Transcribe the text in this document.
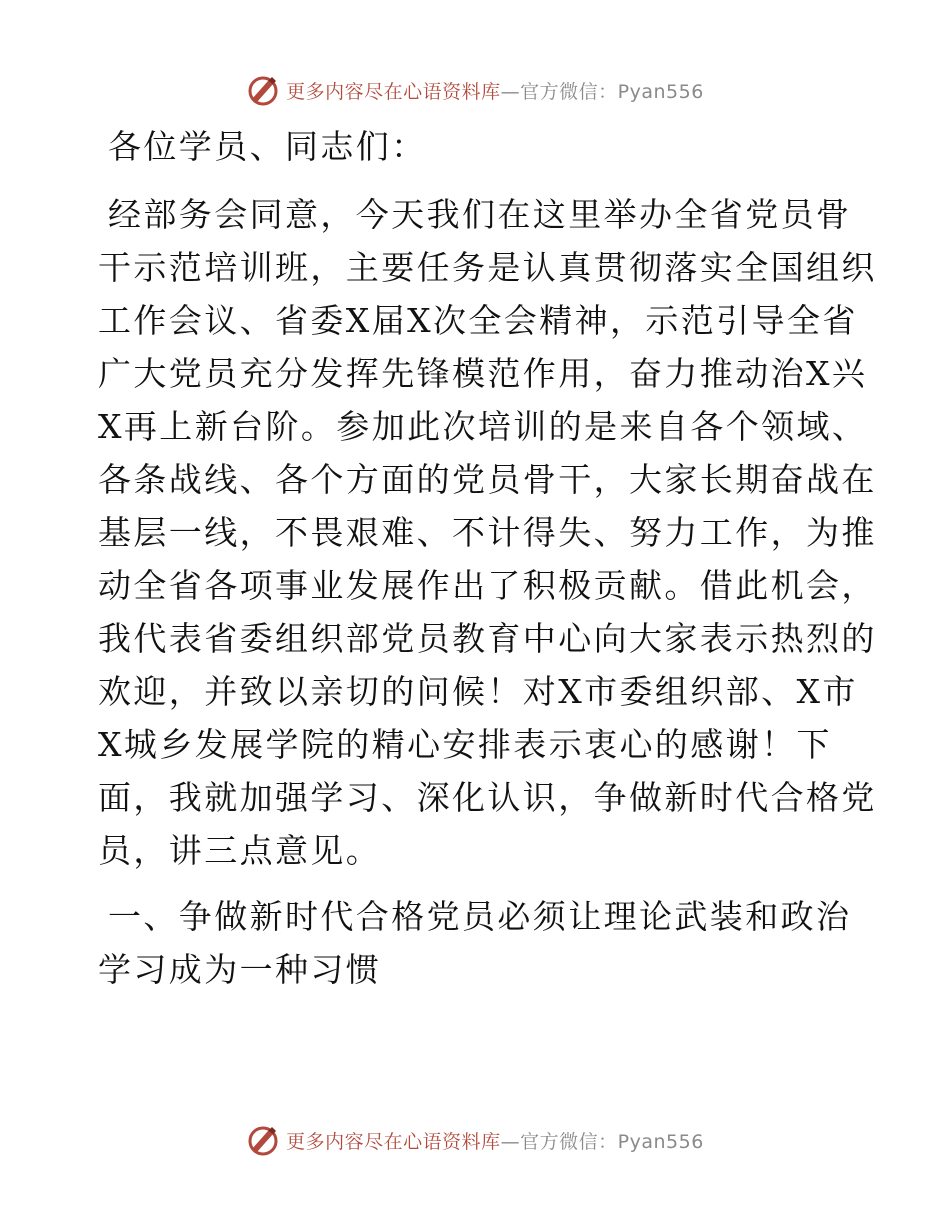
更多内容尽在心语资料库—官方微信：Pyan556
各位学员、同志们：
经部务会同意，今天我们在这里举办全省党员骨
干示范培训班，主要任务是认真贯彻落实全国组织
工作会议、省委X届X次全会精神，示范引导全省
广大党员充分发挥先锋模范作用，奋力推动治X兴
X再上新台阶。参加此次培训的是来自各个领域、
各条战线、各个方面的党员骨干，大家长期奋战在
基层一线，不畏艰难、不计得失、努力工作，为推
动全省各项事业发展作出了积极贡献。借此机会，
我代表省委组织部党员教育中心向大家表示热烈的
欢迎，并致以亲切的问候！对X市委组织部、X市
X城乡发展学院的精心安排表示衷心的感谢！下
面，我就加强学习、深化认识，争做新时代合格党
员，讲三点意见。
一、争做新时代合格党员必须让理论武装和政治
学习成为一种习惯
更多内容尽在心语资料库—官方微信：Pyan556
